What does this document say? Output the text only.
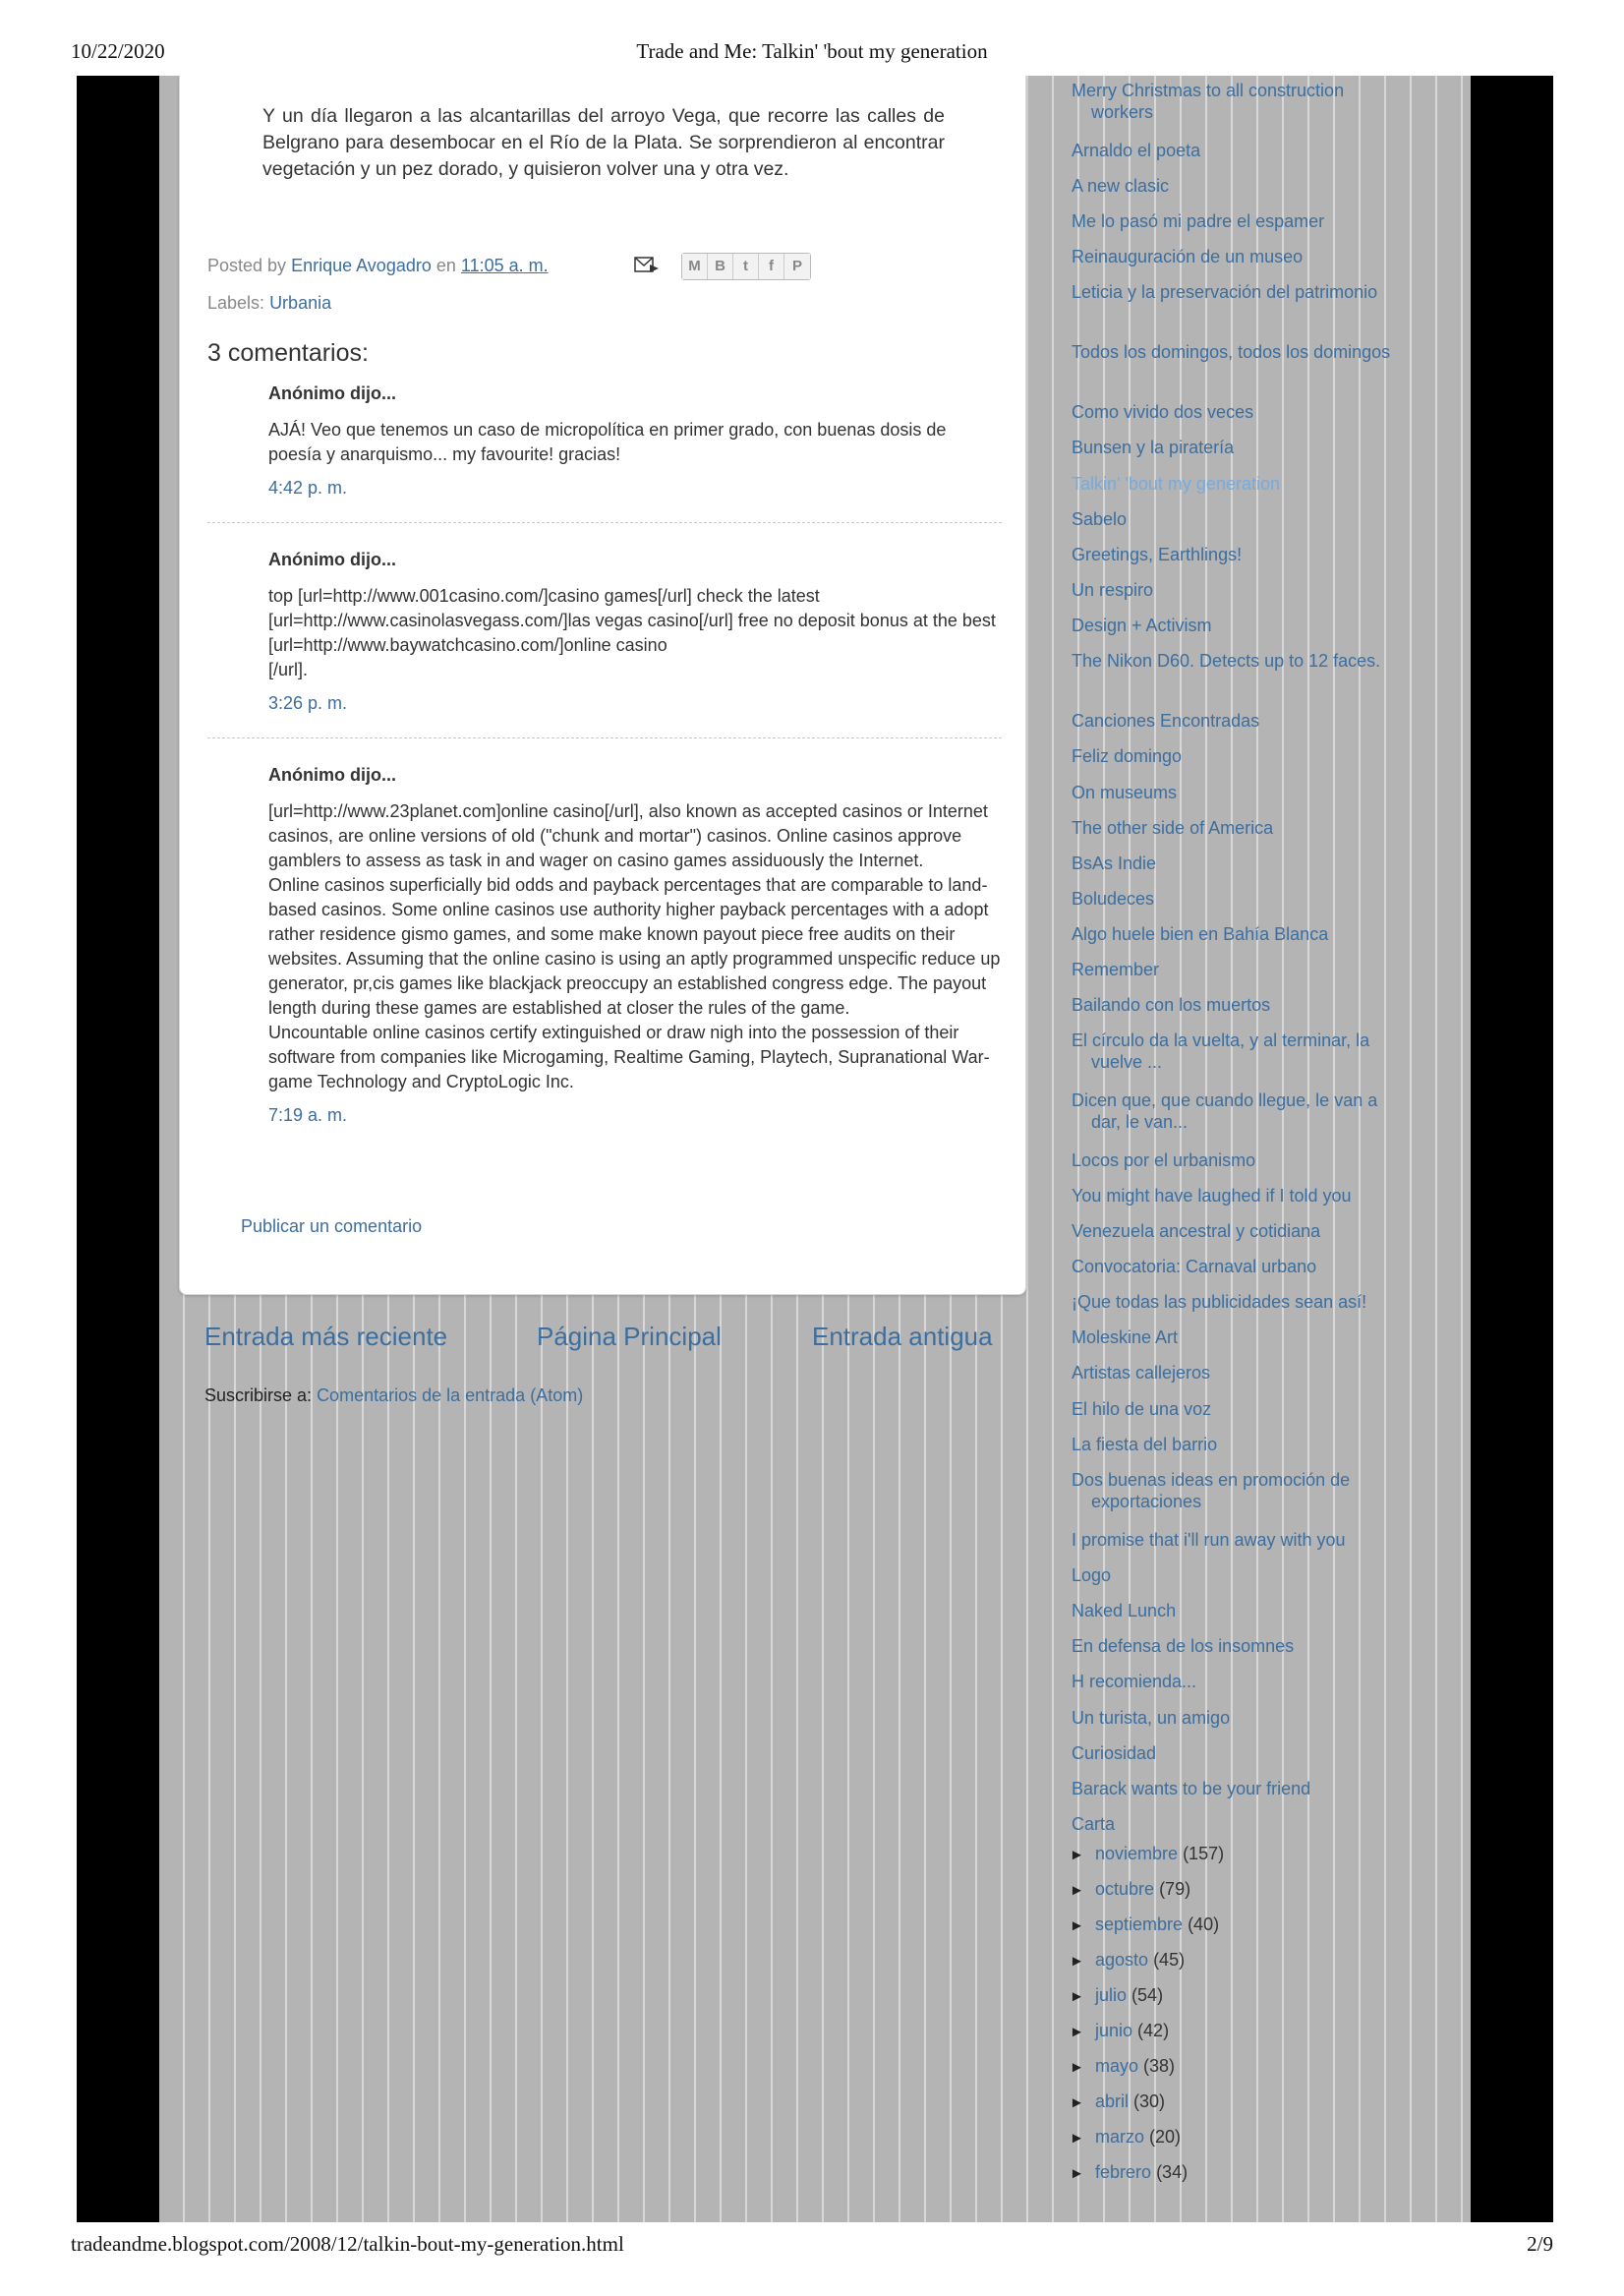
10/22/2020	Trade and Me: Talkin' 'bout my generation

Y un día llegaron a las alcantarillas del arroyo Vega, que recorre las calles de Belgrano para desembocar en el Río de la Plata. Se sorprendieron al encontrar vegetación y un pez dorado, y quisieron volver una y otra vez.

Posted by Enrique Avogadro en 11:05 a. m.	M B	t	f	P
Labels: Urbania
3 comentarios:
Anónimo dijo...
AJÁ! Veo que tenemos un caso de micropolítica en primer grado, con buenas dosis de poesía y anarquismo... my favourite! gracias!
4:42 p. m.
Anónimo dijo...
top [url=http://www.001casino.com/]casino games[/url] check the latest [url=http://www.casinolasvegass.com/]las vegas casino[/url] free no deposit bonus at the best [url=http://www.baywatchcasino.com/]online casino
[/url].
3:26 p. m.
Anónimo dijo...
[url=http://www.23planet.com]online casino[/url], also known as accepted casinos or Internet casinos, are online versions of old ("chunk and mortar") casinos. Online casinos approve gamblers to assess as task in and wager on casino games assiduously the Internet.
Online casinos superficially bid odds and payback percentages that are comparable to land-based casinos. Some online casinos use authority higher payback percentages with a adopt rather residence gismo games, and some make known payout piece free audits on their websites. Assuming that the online casino is using an aptly programmed unspecific reduce up generator, pr,cis games like blackjack preoccupy an established congress edge. The payout length during these games are established at closer the rules of the game.
Uncountable online casinos certify extinguished or draw nigh into the possession of their software from companies like Microgaming, Realtime Gaming, Playtech, Supranational War-game Technology and CryptoLogic Inc.
7:19 a. m.
Publicar un comentario
Entrada más reciente	Página Principal	Entrada antigua
Suscribirse a: Comentarios de la entrada (Atom)
Merry Christmas to all construction workers
Arnaldo el poeta
A new clasic
Me lo pasó mi padre el espamer
Reinauguración de un museo
Leticia y la preservación del patrimonio
Todos los domingos, todos los domingos
Como vivido dos veces
Bunsen y la piratería
Talkin' 'bout my generation
Sabelo
Greetings, Earthlings!
Un respiro
Design + Activism
The Nikon D60. Detects up to 12 faces.
Canciones Encontradas
Feliz domingo
On museums
The other side of America
BsAs Indie
Boludeces
Algo huele bien en Bahía Blanca
Remember
Bailando con los muertos
El círculo da la vuelta, y al terminar, la vuelve ...
Dicen que, que cuando llegue, le van a dar, le van...
Locos por el urbanismo
You might have laughed if I told you
Venezuela ancestral y cotidiana
Convocatoria: Carnaval urbano
¡Que todas las publicidades sean así!
Moleskine Art
Artistas callejeros
El hilo de una voz
La fiesta del barrio
Dos buenas ideas en promoción de exportaciones
I promise that i'll run away with you
Logo
Naked Lunch
En defensa de los insomnes
H recomienda...
Un turista, un amigo
Curiosidad
Barack wants to be your friend
Carta
► noviembre (157)
► octubre (79)
► septiembre (40)
► agosto (45)
► julio (54)
► junio (42)
► mayo (38)
► abril (30)
► marzo (20)
► febrero (34)
tradeandme.blogspot.com/2008/12/talkin-bout-my-generation.html	2/9
